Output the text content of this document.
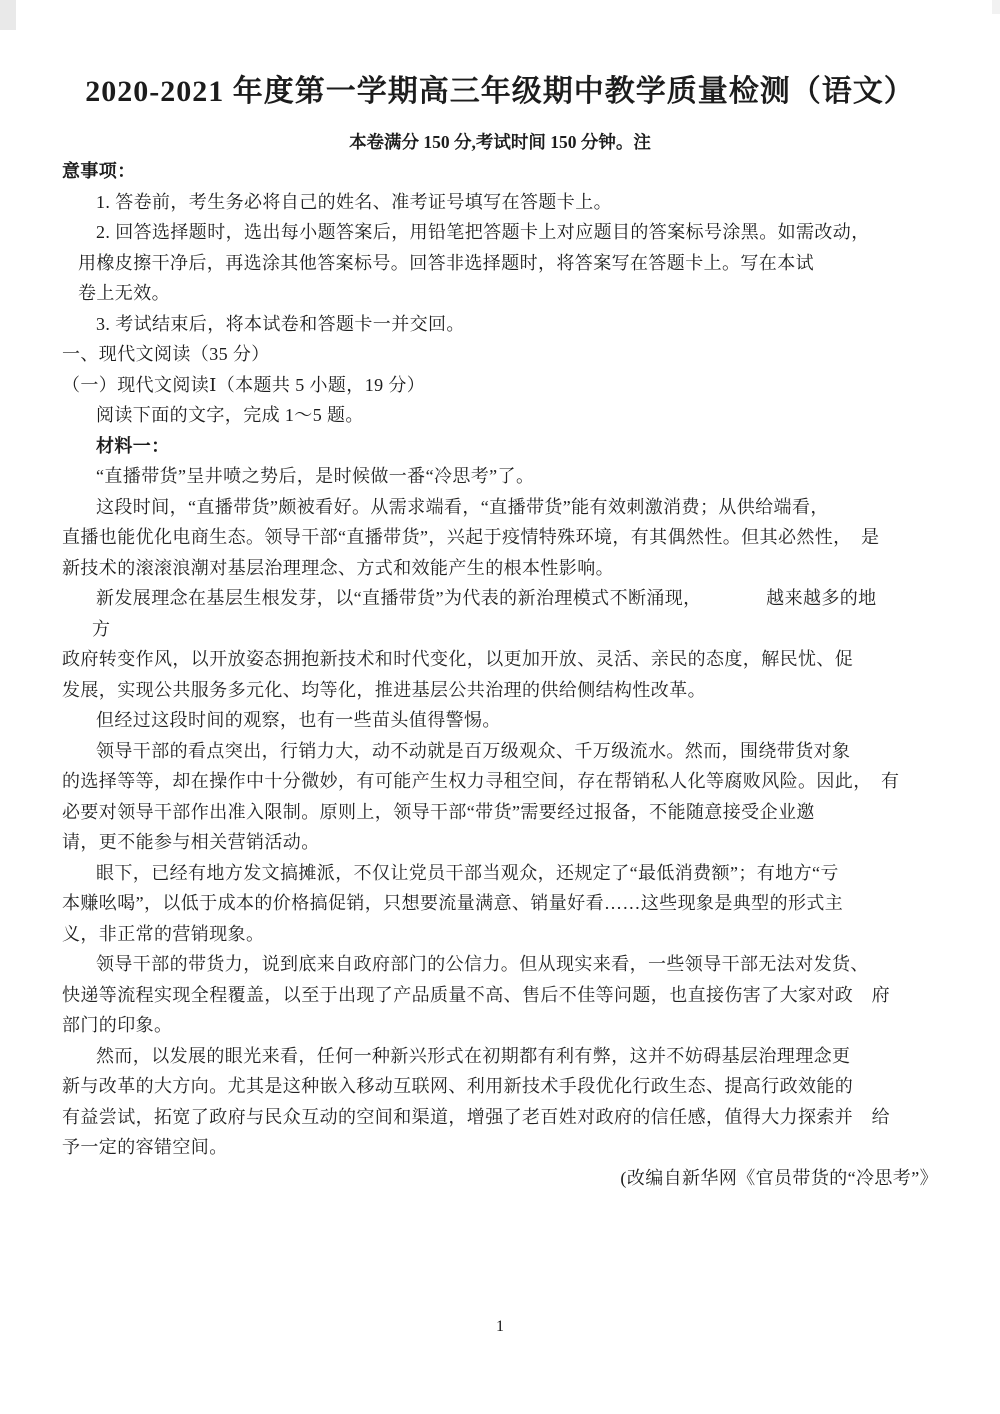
2020-2021 年度第一学期高三年级期中教学质量检测（语文）

本卷满分 150 分,考试时间 150 分钟。注

意事项：

1. 答卷前，考生务必将自己的姓名、准考证号填写在答题卡上。

2. 回答选择题时，选出每小题答案后，用铅笔把答题卡上对应题目的答案标号涂黑。如需改动，

用橡皮擦干净后，再选涂其他答案标号。回答非选择题时，将答案写在答题卡上。写在本试

卷上无效。

3. 考试结束后，将本试卷和答题卡一并交回。

一、现代文阅读（35 分）

（一）现代文阅读Ⅰ（本题共 5 小题，19 分）

阅读下面的文字，完成 1～5 题。

材料一：

“直播带货”呈井喷之势后，是时候做一番“冷思考”了。

这段时间，“直播带货”颇被看好。从需求端看，“直播带货”能有效刺激消费；从供给端看，

直播也能优化电商生态。领导干部“直播带货”，兴起于疫情特殊环境，有其偶然性。但其必然性，　是

新技术的滚滚浪潮对基层治理理念、方式和效能产生的根本性影响。

新发展理念在基层生根发芽，以“直播带货”为代表的新治理模式不断涌现，　　　　越来越多的地

方

政府转变作风，以开放姿态拥抱新技术和时代变化，以更加开放、灵活、亲民的态度，解民忧、促

发展，实现公共服务多元化、均等化，推进基层公共治理的供给侧结构性改革。

但经过这段时间的观察，也有一些苗头值得警惕。

领导干部的看点突出，行销力大，动不动就是百万级观众、千万级流水。然而，围绕带货对象

的选择等等，却在操作中十分微妙，有可能产生权力寻租空间，存在帮销私人化等腐败风险。因此，　有

必要对领导干部作出准入限制。原则上，领导干部“带货”需要经过报备，不能随意接受企业邀

请，更不能参与相关营销活动。

眼下，已经有地方发文搞摊派，不仅让党员干部当观众，还规定了“最低消费额”；有地方“亏

本赚吆喝”，以低于成本的价格搞促销，只想要流量满意、销量好看……这些现象是典型的形式主

义，非正常的营销现象。

领导干部的带货力，说到底来自政府部门的公信力。但从现实来看，一些领导干部无法对发货、

快递等流程实现全程覆盖，以至于出现了产品质量不高、售后不佳等问题，也直接伤害了大家对政　府

部门的印象。

然而，以发展的眼光来看，任何一种新兴形式在初期都有利有弊，这并不妨碍基层治理理念更

新与改革的大方向。尤其是这种嵌入移动互联网、利用新技术手段优化行政生态、提高行政效能的

有益尝试，拓宽了政府与民众互动的空间和渠道，增强了老百姓对政府的信任感，值得大力探索并　给

予一定的容错空间。

(改编自新华网《官员带货的“冷思考”》

1
